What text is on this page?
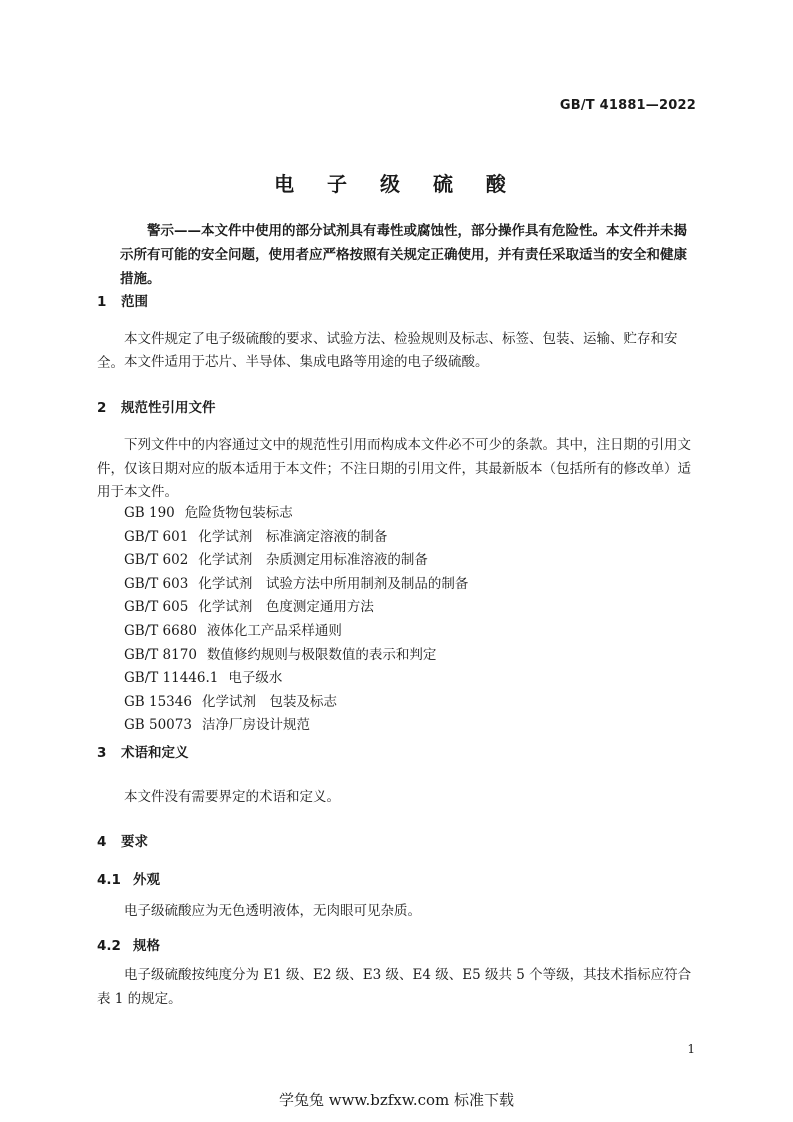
GB/T 41881—2022
电 子 级 硫 酸
警示——本文件中使用的部分试剂具有毒性或腐蚀性，部分操作具有危险性。本文件并未揭示所有可能的安全问题，使用者应严格按照有关规定正确使用，并有责任采取适当的安全和健康措施。
1 范围
本文件规定了电子级硫酸的要求、试验方法、检验规则及标志、标签、包装、运输、贮存和安全。 本文件适用于芯片、半导体、集成电路等用途的电子级硫酸。
2 规范性引用文件
下列文件中的内容通过文中的规范性引用而构成本文件必不可少的条款。其中，注日期的引用文件，仅该日期对应的版本适用于本文件；不注日期的引用文件，其最新版本（包括所有的修改单）适用于本文件。
GB 190 危险货物包装标志
GB/T 601 化学试剂　标准滴定溶液的制备
GB/T 602 化学试剂　杂质测定用标准溶液的制备
GB/T 603 化学试剂　试验方法中所用制剂及制品的制备
GB/T 605 化学试剂　色度测定通用方法
GB/T 6680 液体化工产品采样通则
GB/T 8170 数值修约规则与极限数值的表示和判定
GB/T 11446.1 电子级水
GB 15346 化学试剂　包装及标志
GB 50073 洁净厂房设计规范
3 术语和定义
本文件没有需要界定的术语和定义。
4 要求
4.1 外观
电子级硫酸应为无色透明液体，无肉眼可见杂质。
4.2 规格
电子级硫酸按纯度分为 E1 级、E2 级、E3 级、E4 级、E5 级共 5 个等级，其技术指标应符合表 1 的规定。
1
学兔兔 www.bzfxw.com 标准下载
